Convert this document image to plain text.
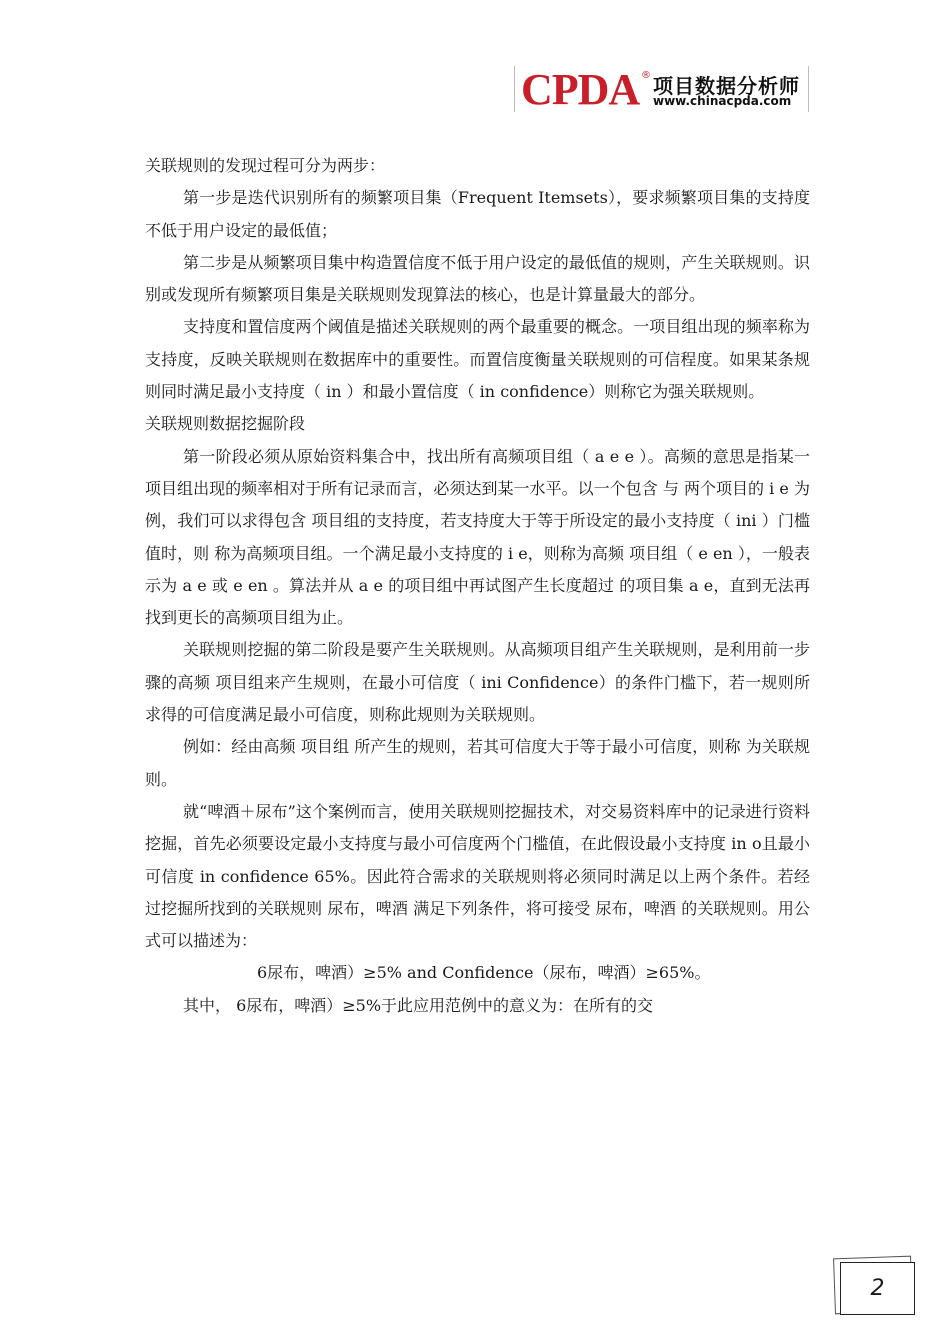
CPDA ® 项目数据分析师
www.chinacpda.com

关联规则的发现过程可分为两步：

第一步是迭代识别所有的频繁项目集（Frequent Itemsets），要求频繁项目集的支持度不低于用户设定的最低值；

第二步是从频繁项目集中构造置信度不低于用户设定的最低值的规则，产生关联规则。识别或发现所有频繁项目集是关联规则发现算法的核心，也是计算量最大的部分。

支持度和置信度两个阈值是描述关联规则的两个最重要的概念。一项目组出现的频率称为支持度，反映关联规则在数据库中的重要性。而置信度衡量关联规则的可信程度。如果某条规则同时满足最小支持度（ in ）和最小置信度（ in confidence）则称它为强关联规则。

关联规则数据挖掘阶段

第一阶段必须从原始资料集合中，找出所有高频项目组（ a e e ）。高频的意思是指某一项目组出现的频率相对于所有记录而言，必须达到某一水平。以一个包含 与 两个项目的 i e 为例，我们可以求得包含 项目组的支持度，若支持度大于等于所设定的最小支持度（ ini ）门槛值时，则 称为高频项目组。一个满足最小支持度的 i e，则称为高频 项目组（ e en ），一般表示为 a e 或 e en 。算法并从 a e 的项目组中再试图产生长度超过 的项目集 a e，直到无法再找到更长的高频项目组为止。

关联规则挖掘的第二阶段是要产生关联规则。从高频项目组产生关联规则，是利用前一步骤的高频 项目组来产生规则，在最小可信度（ ini Confidence）的条件门槛下，若一规则所求得的可信度满足最小可信度，则称此规则为关联规则。

例如：经由高频 项目组 所产生的规则，若其可信度大于等于最小可信度，则称 为关联规则。

就“啤酒＋尿布”这个案例而言，使用关联规则挖掘技术，对交易资料库中的记录进行资料挖掘，首先必须要设定最小支持度与最小可信度两个门槛值，在此假设最小支持度 in o且最小可信度 in confidence 65%。因此符合需求的关联规则将必须同时满足以上两个条件。若经过挖掘所找到的关联规则 尿布，啤酒 满足下列条件，将可接受 尿布，啤酒 的关联规则。用公式可以描述为：

6尿布，啤酒）≥5% and Confidence（尿布，啤酒）≥65%。

其中， 6尿布，啤酒）≥5%于此应用范例中的意义为：在所有的交

2
